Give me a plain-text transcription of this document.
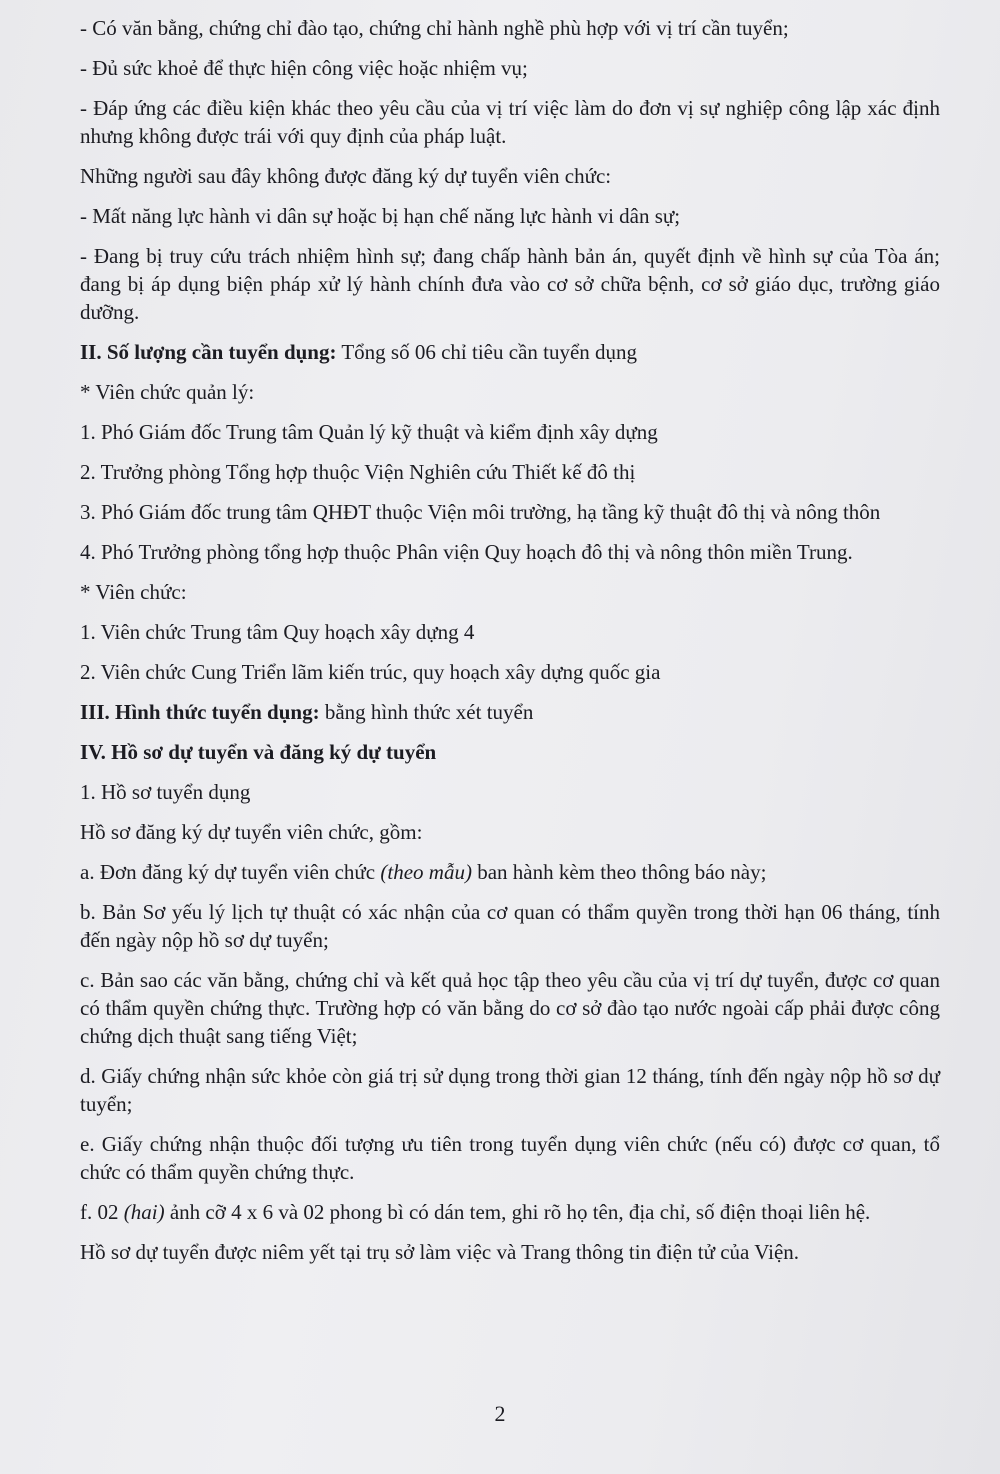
- Có văn bằng, chứng chỉ đào tạo, chứng chỉ hành nghề phù hợp với vị trí cần tuyển;

- Đủ sức khoẻ để thực hiện công việc hoặc nhiệm vụ;

- Đáp ứng các điều kiện khác theo yêu cầu của vị trí việc làm do đơn vị sự nghiệp công lập xác định nhưng không được trái với quy định của pháp luật.

Những người sau đây không được đăng ký dự tuyển viên chức:

- Mất năng lực hành vi dân sự hoặc bị hạn chế năng lực hành vi dân sự;

- Đang bị truy cứu trách nhiệm hình sự; đang chấp hành bản án, quyết định về hình sự của Tòa án; đang bị áp dụng biện pháp xử lý hành chính đưa vào cơ sở chữa bệnh, cơ sở giáo dục, trường giáo dưỡng.

II. Số lượng cần tuyển dụng: Tổng số 06 chỉ tiêu cần tuyển dụng

* Viên chức quản lý:

1. Phó Giám đốc Trung tâm Quản lý kỹ thuật và kiểm định xây dựng

2. Trưởng phòng Tổng hợp thuộc Viện Nghiên cứu Thiết kế đô thị

3. Phó Giám đốc trung tâm QHĐT thuộc Viện môi trường, hạ tầng kỹ thuật đô thị và nông thôn

4. Phó Trưởng phòng tổng hợp thuộc Phân viện Quy hoạch đô thị và nông thôn miền Trung.

* Viên chức:

1. Viên chức Trung tâm Quy hoạch xây dựng 4

2. Viên chức Cung Triển lãm kiến trúc, quy hoạch xây dựng quốc gia

III. Hình thức tuyển dụng: bằng hình thức xét tuyển

IV. Hồ sơ dự tuyển và đăng ký dự tuyển

1. Hồ sơ tuyển dụng

Hồ sơ đăng ký dự tuyển viên chức, gồm:

a. Đơn đăng ký dự tuyển viên chức (theo mẫu) ban hành kèm theo thông báo này;

b. Bản Sơ yếu lý lịch tự thuật có xác nhận của cơ quan có thẩm quyền trong thời hạn 06 tháng, tính đến ngày nộp hồ sơ dự tuyển;

c. Bản sao các văn bằng, chứng chỉ và kết quả học tập theo yêu cầu của vị trí dự tuyển, được cơ quan có thẩm quyền chứng thực. Trường hợp có văn bằng do cơ sở đào tạo nước ngoài cấp phải được công chứng dịch thuật sang tiếng Việt;

d. Giấy chứng nhận sức khỏe còn giá trị sử dụng trong thời gian 12 tháng, tính đến ngày nộp hồ sơ dự tuyển;

e. Giấy chứng nhận thuộc đối tượng ưu tiên trong tuyển dụng viên chức (nếu có) được cơ quan, tổ chức có thẩm quyền chứng thực.

f. 02 (hai) ảnh cỡ 4 x 6 và 02 phong bì có dán tem, ghi rõ họ tên, địa chỉ, số điện thoại liên hệ.

Hồ sơ dự tuyển được niêm yết tại trụ sở làm việc và Trang thông tin điện tử của Viện.

2
